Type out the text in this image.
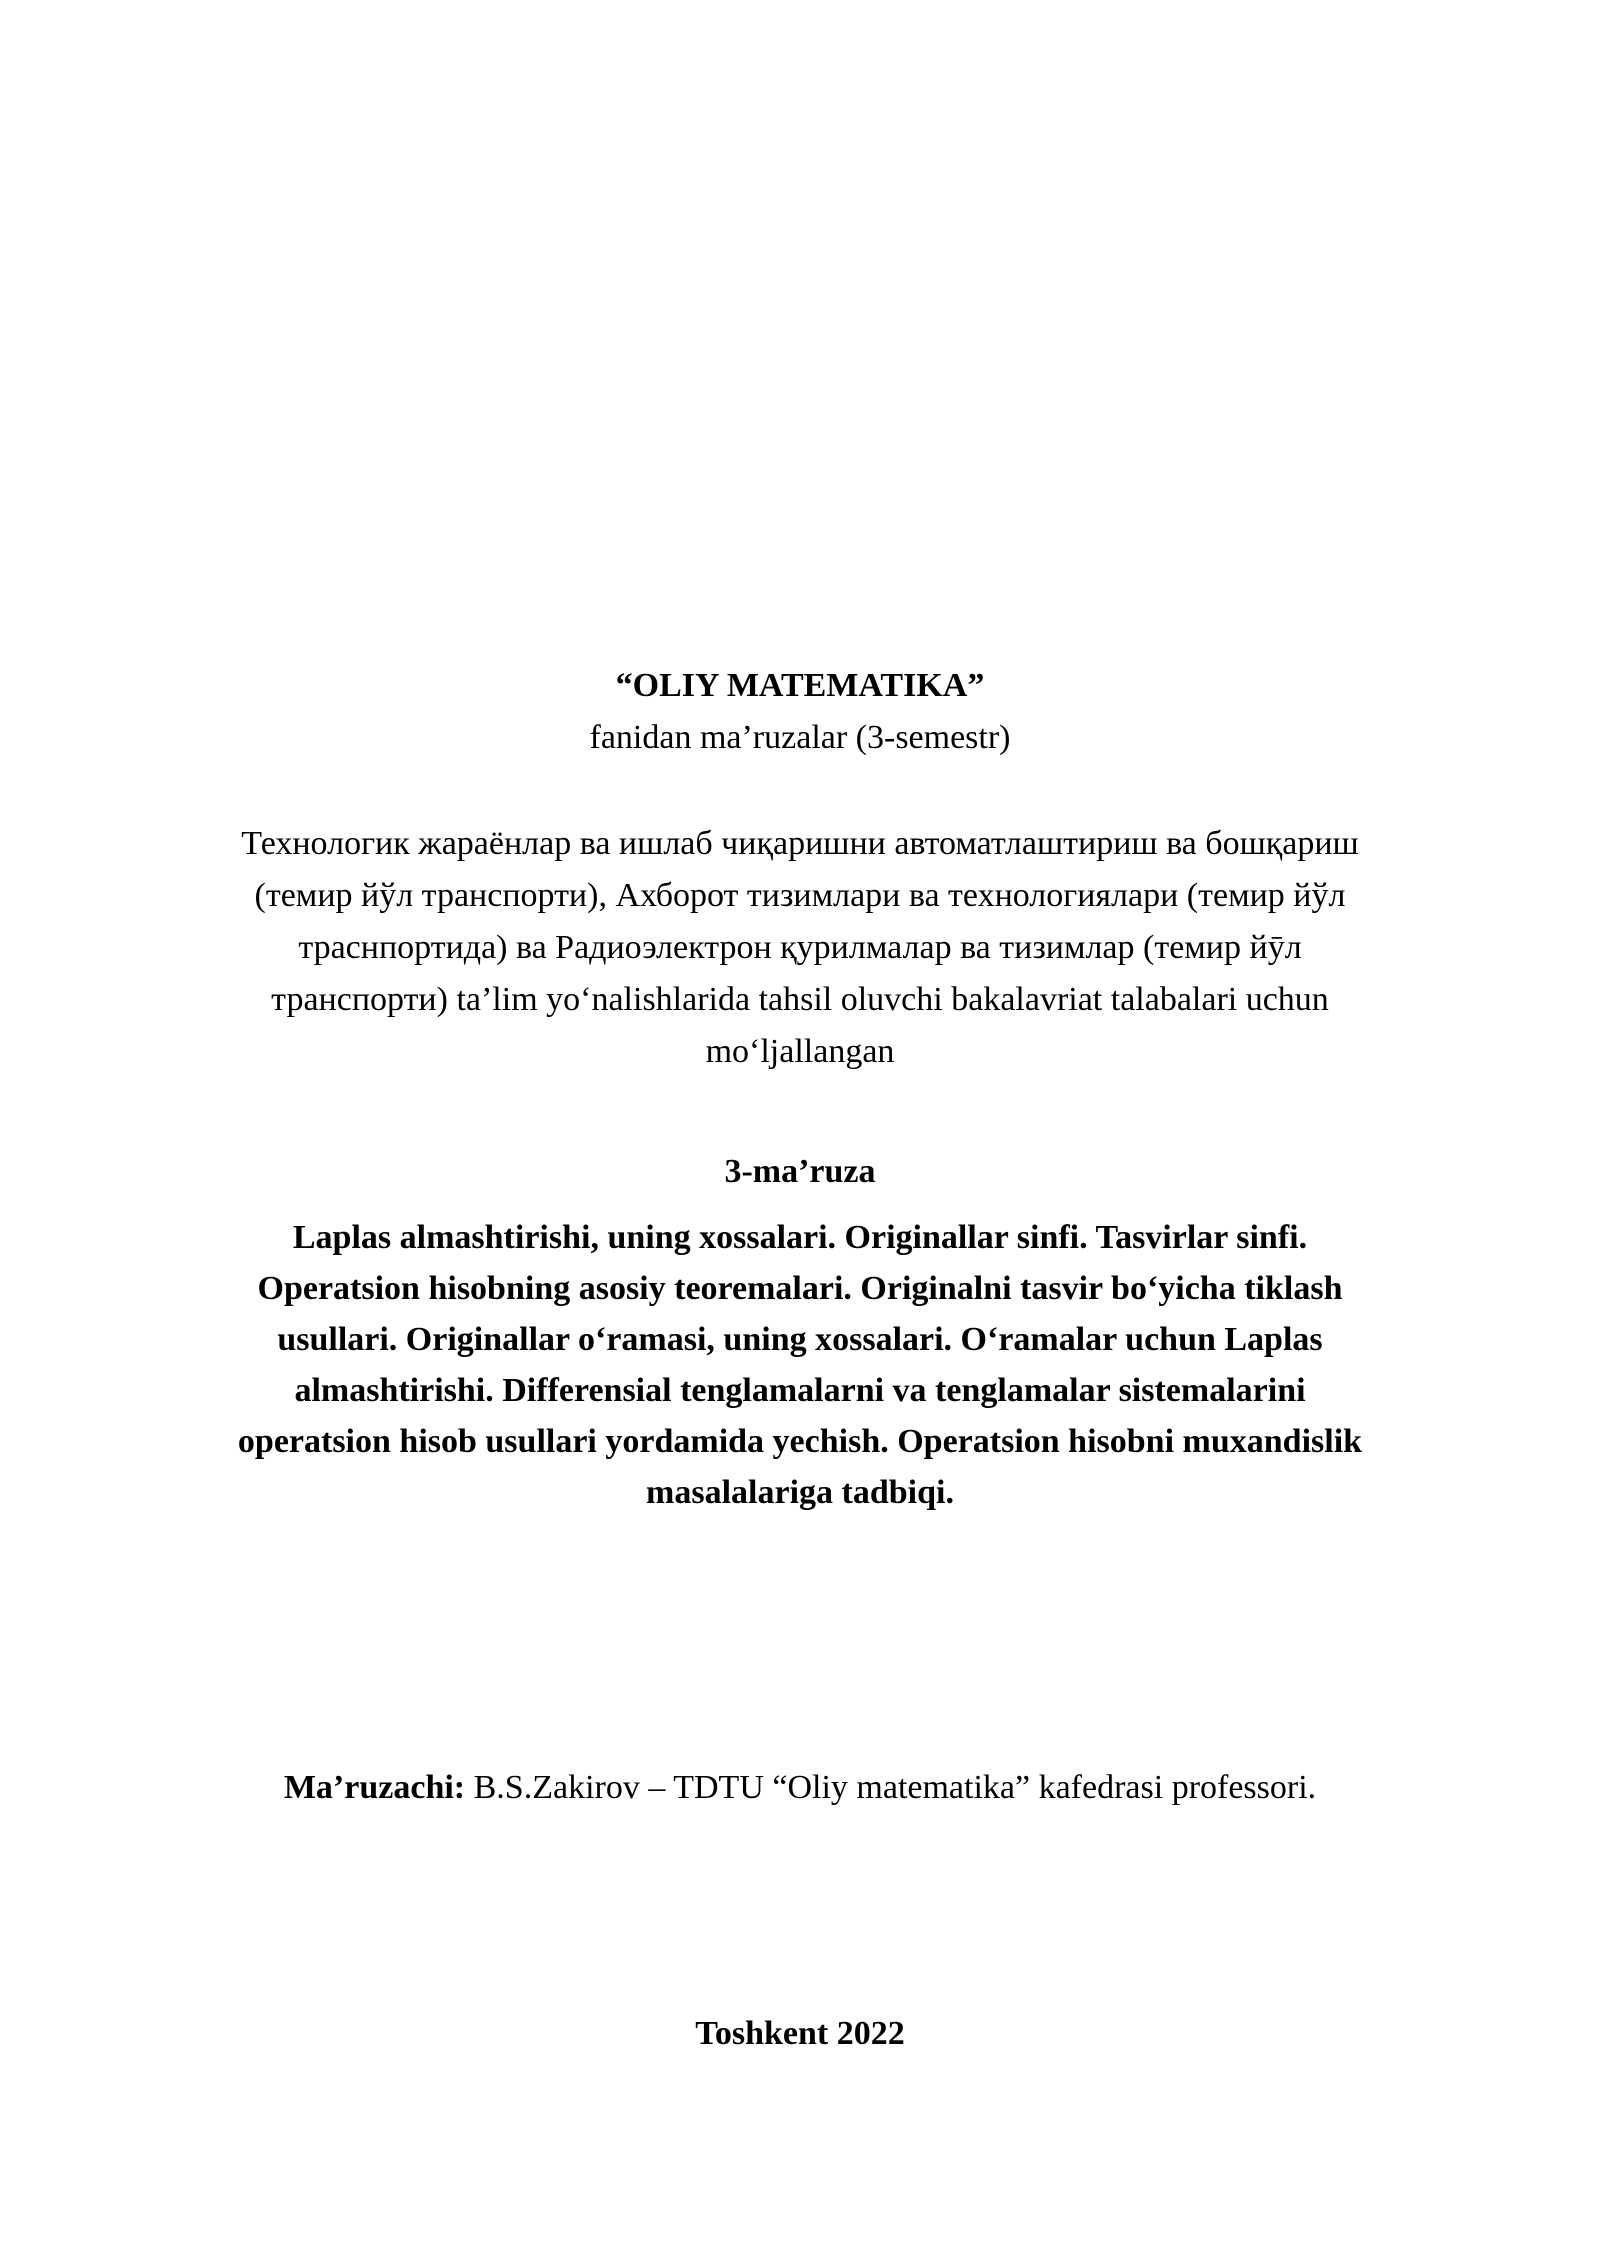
“OLIY MATEMATIKA”
fanidan ma’ruzalar (3-semestr)
Технологик жараёнлар ва ишлаб чиқаришни автоматлаштириш ва бошқариш
(темир йўл транспорти), Ахборот тизимлари ва технологиялари (темир йўл
траснпортида) ва Радиоэлектрон қурилмалар ва тизимлар (темир йӯл
транспорти) ta’lim yo‘nalishlarida tahsil oluvchi bakalavriat talabalari uchun
mo‘ljallangan
3-ma’ruza
Laplas almashtirishi, uning xossalari. Originallar sinfi. Tasvirlar sinfi.
Operatsion hisobning asosiy teoremalari. Originalni tasvir bo‘yicha tiklash
usullari. Originallar o‘ramasi, uning xossalari. O‘ramalar uchun Laplas
almashtirishi. Differensial tenglamalarni va tenglamalar sistemalarini
operatsion hisob usullari yordamida yechish. Operatsion hisobni muxandislik
masalalariga tadbiqi.
Ma’ruzachi: B.S.Zakirov – TDTU “Oliy matematika” kafedrasi professori.
Toshkent 2022
